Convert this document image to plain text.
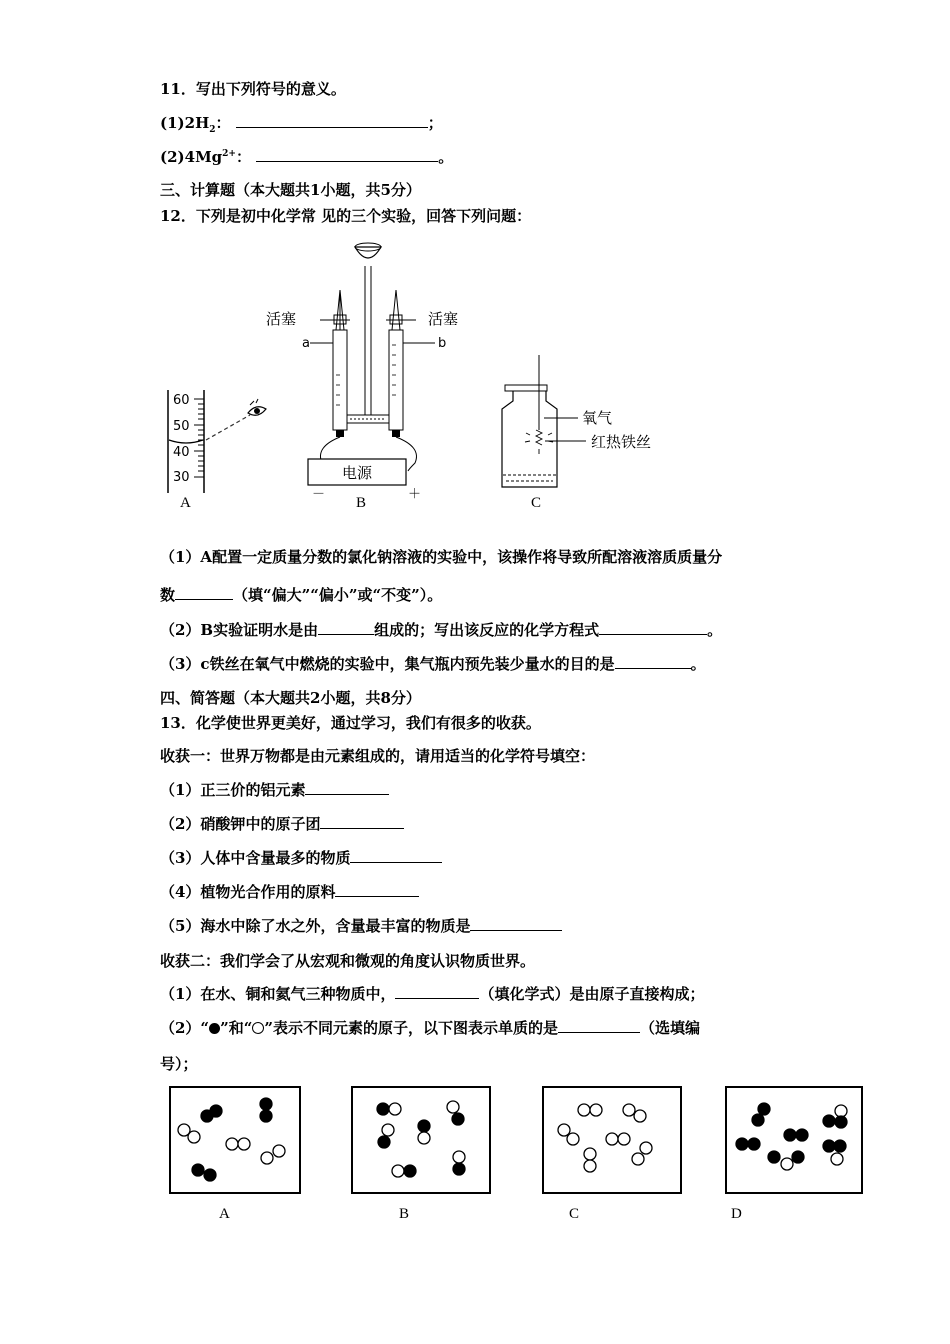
11．写出下列符号的意义。
$(1)2H_2$：	；
$(2)4Mg^{2+}$：	。
三、计算题（本大题共1小题，共5分）
12．下列是初中化学常 见的三个实验，回答下列问题：
60
50
40
30	电源
－	＋
活塞	活塞
a	b
氧气
红热铁丝
A	B	C
（1）A配置一定质量分数的氯化钠溶液的实验中，该操作将导致所配溶液溶质质量分
数	（填“偏大”“偏小”或“不变”）。
（2）B实验证明水是由	组成的；写出该反应的化学方程式	。
（3）c铁丝在氧气中燃烧的实验中，集气瓶内预先装少量水的目的是	。
四、简答题（本大题共2小题，共8分）
13．化学使世界更美好，通过学习，我们有很多的收获。
收获一：世界万物都是由元素组成的，请用适当的化学符号填空：
（1）正三价的铝元素
（2）硝酸钾中的原子团
（3）人体中含量最多的物质
（4）植物光合作用的原料
（5）海水中除了水之外，含量最丰富的物质是
收获二：我们学会了从宏观和微观的角度认识物质世界。
（1）在水、铜和氦气三种物质中，	（填化学式）是由原子直接构成；
（2）“ ”和“ ”表示不同元素的原子，以下图表示单质的是	（选填编
号）；
A	B	C	D
